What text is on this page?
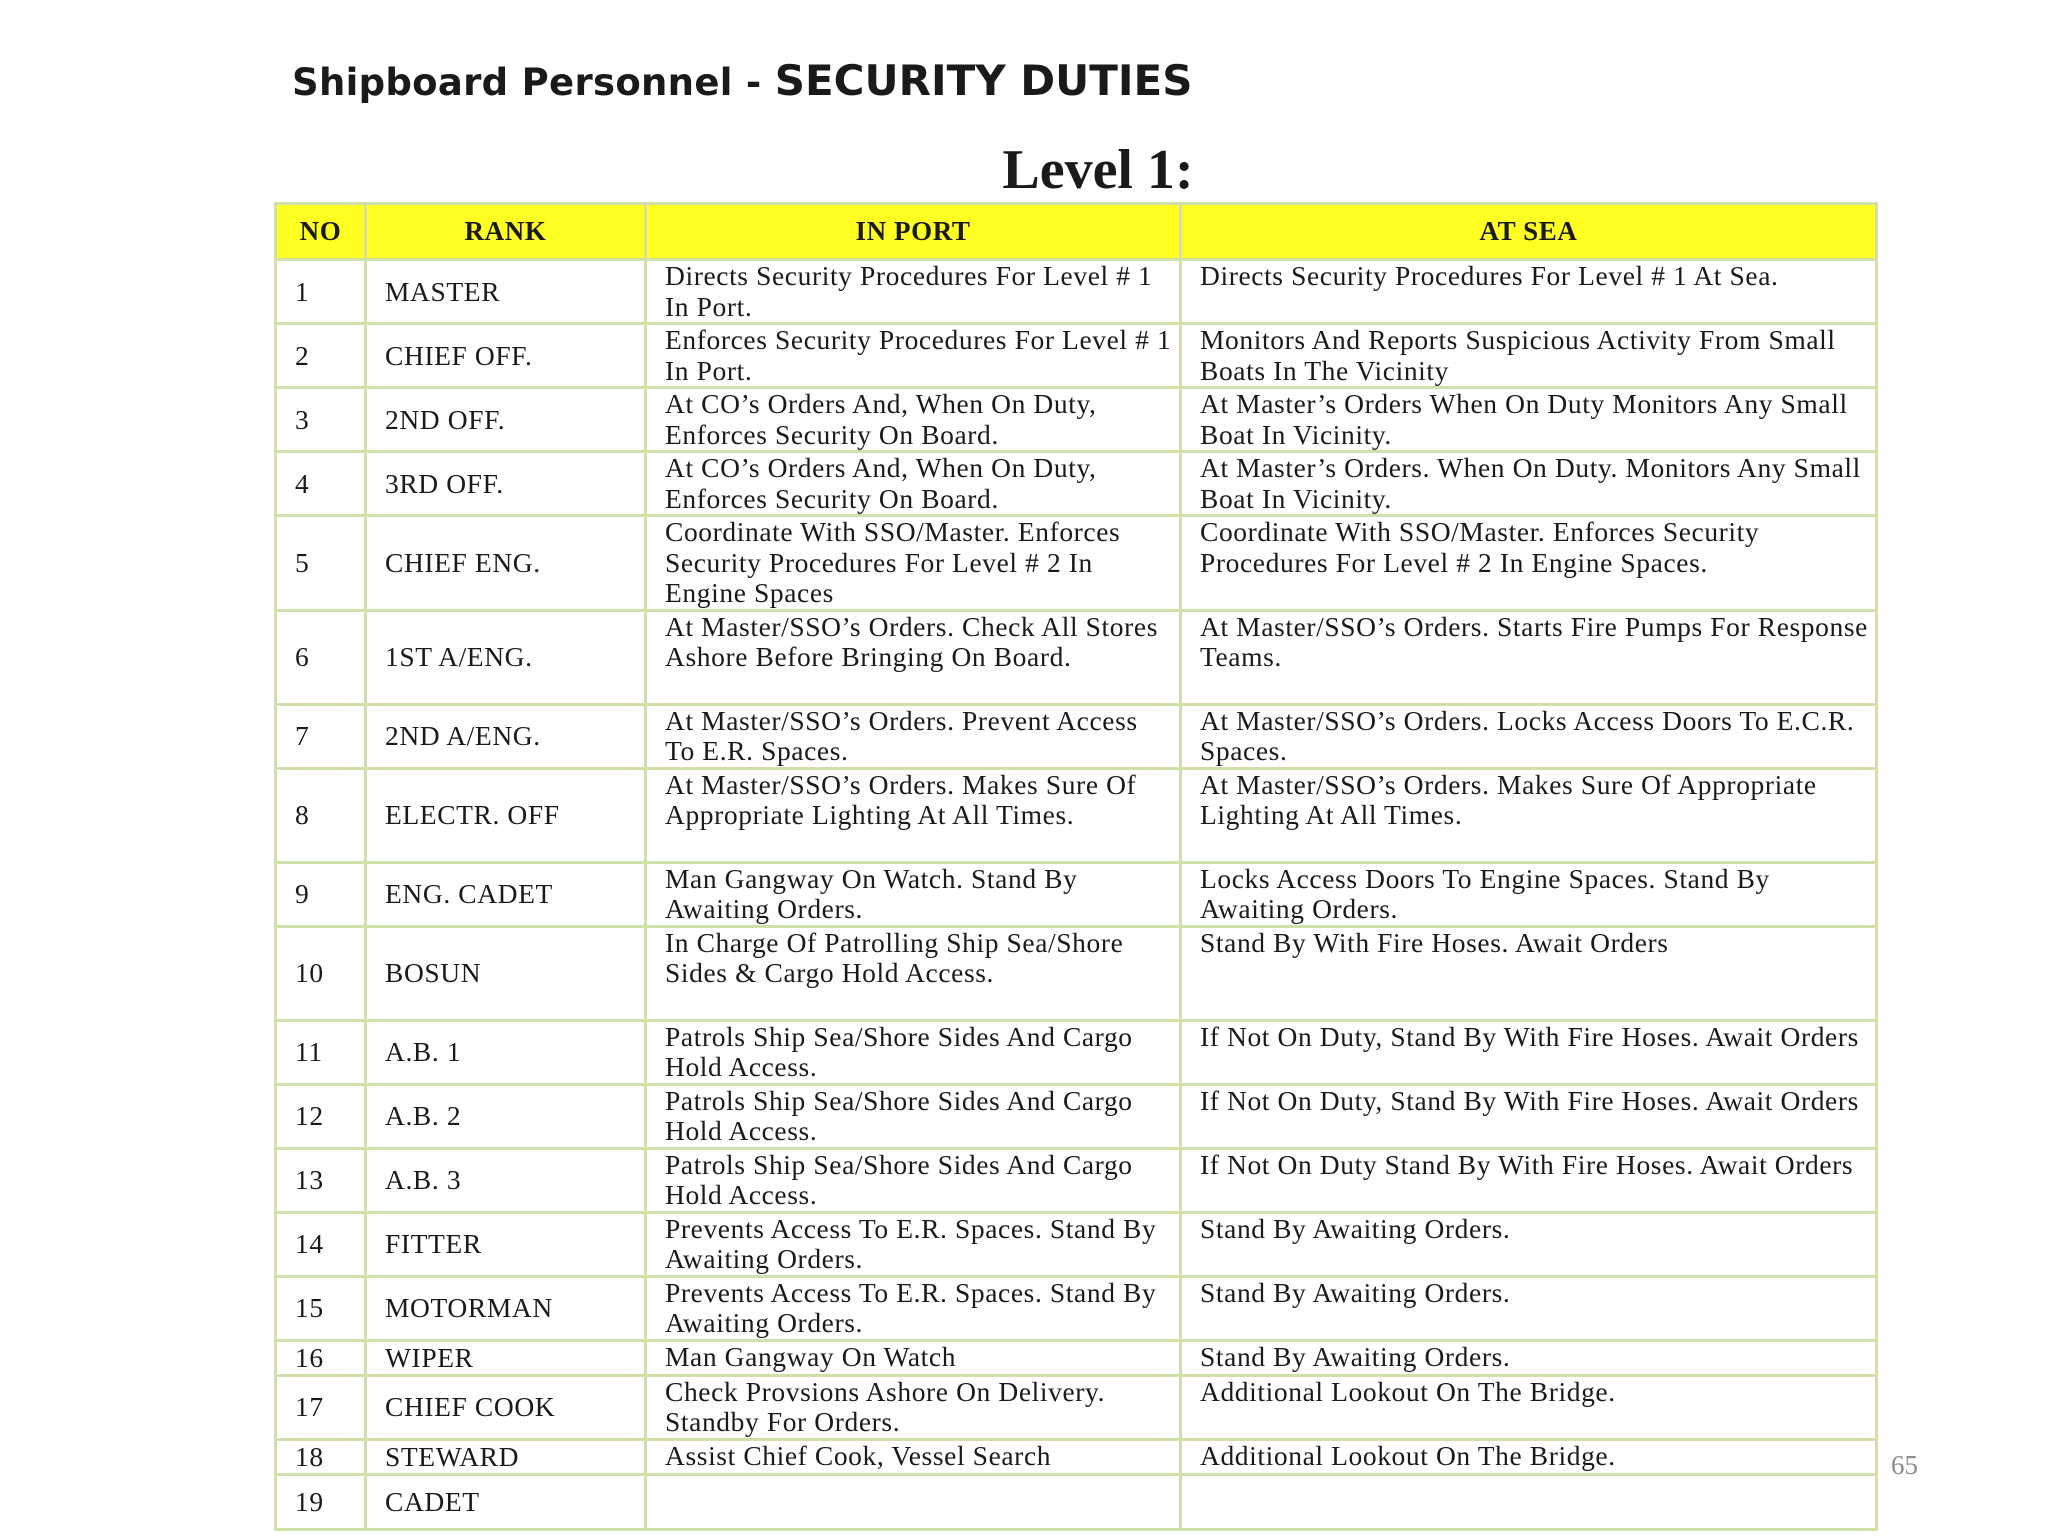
Shipboard Personnel - SECURITY DUTIES
Level 1:
NO	RANK	IN PORT	AT SEA
1	MASTER	Directs Security Procedures For Level # 1 In Port.	Directs Security Procedures For Level # 1 At Sea.
2	CHIEF OFF.	Enforces Security Procedures For Level # 1 In Port.	Monitors And Reports Suspicious Activity From Small Boats In The Vicinity
3	2ND OFF.	At CO’s Orders And, When On Duty, Enforces Security On Board.	At Master’s Orders When On Duty Monitors Any Small Boat In Vicinity.
4	3RD OFF.	At CO’s Orders And, When On Duty, Enforces Security On Board.	At Master’s Orders. When On Duty. Monitors Any Small Boat In Vicinity.
5	CHIEF ENG.	Coordinate With SSO/Master. Enforces Security Procedures For Level # 2 In Engine Spaces	Coordinate With SSO/Master. Enforces Security Procedures For Level # 2 In Engine Spaces.
6	1ST A/ENG.	At Master/SSO’s Orders. Check All Stores Ashore Before Bringing On Board.	At Master/SSO’s Orders. Starts Fire Pumps For Response Teams.
7	2ND A/ENG.	At Master/SSO’s Orders. Prevent Access To E.R. Spaces.	At Master/SSO’s Orders. Locks Access Doors To E.C.R. Spaces.
8	ELECTR. OFF	At Master/SSO’s Orders. Makes Sure Of Appropriate Lighting At All Times.	At Master/SSO’s Orders. Makes Sure Of Appropriate Lighting At All Times.
9	ENG. CADET	Man Gangway On Watch. Stand By Awaiting Orders.	Locks Access Doors To Engine Spaces. Stand By Awaiting Orders.
10	BOSUN	In Charge Of Patrolling Ship Sea/Shore Sides & Cargo Hold Access.	Stand By With Fire Hoses. Await Orders
11	A.B. 1	Patrols Ship Sea/Shore Sides And Cargo Hold Access.	If Not On Duty, Stand By With Fire Hoses. Await Orders
12	A.B. 2	Patrols Ship Sea/Shore Sides And Cargo Hold Access.	If Not On Duty, Stand By With Fire Hoses. Await Orders
13	A.B. 3	Patrols Ship Sea/Shore Sides And Cargo Hold Access.	If Not On Duty Stand By With Fire Hoses. Await Orders
14	FITTER	Prevents Access To E.R. Spaces. Stand By Awaiting Orders.	Stand By Awaiting Orders.
15	MOTORMAN	Prevents Access To E.R. Spaces. Stand By Awaiting Orders.	Stand By Awaiting Orders.
16	WIPER	Man Gangway On Watch	Stand By Awaiting Orders.
17	CHIEF COOK	Check Provsions Ashore On Delivery. Standby For Orders.	Additional Lookout On The Bridge.
18	STEWARD	Assist Chief Cook, Vessel Search	Additional Lookout On The Bridge.
19	CADET		
65
